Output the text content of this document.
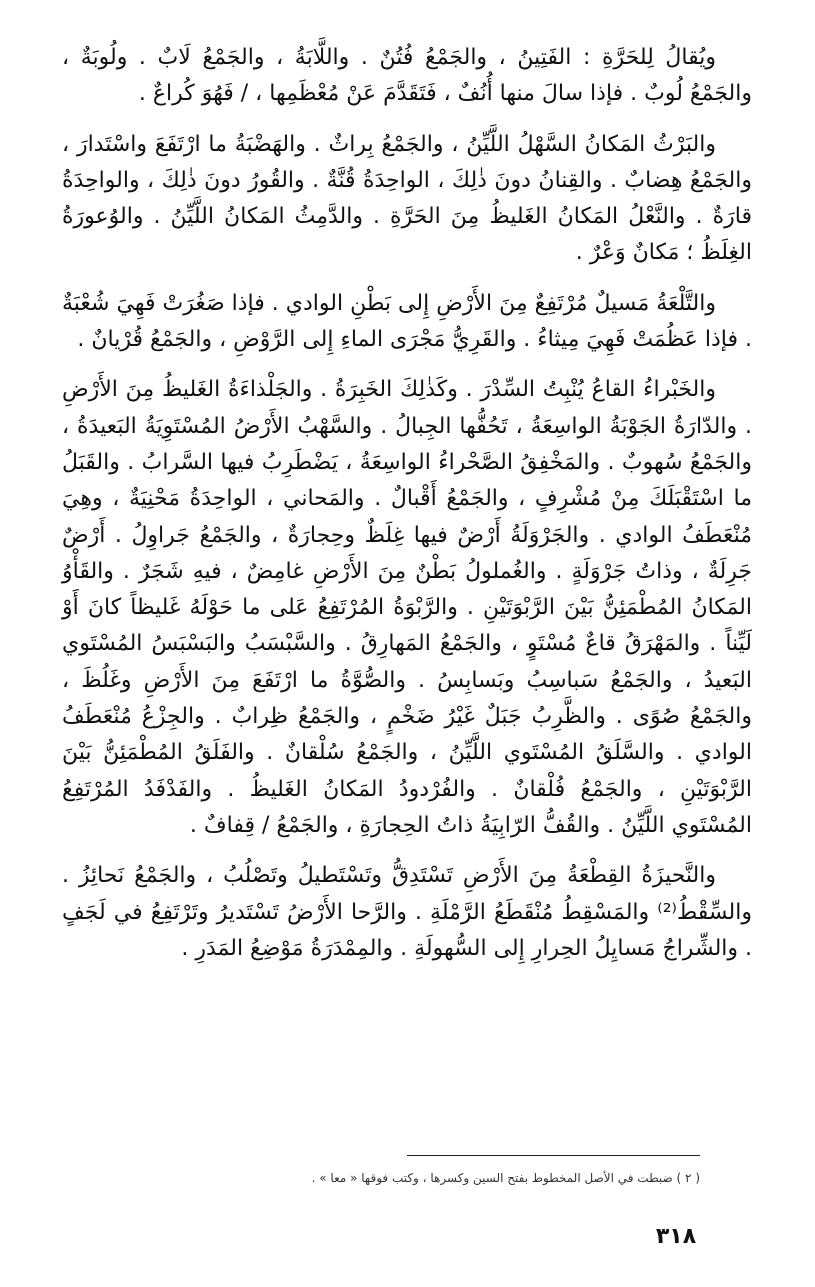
ويُقالُ لِلحَرَّةِ : الفَتِينُ ، والجَمْعُ فُتُنٌ . واللَّابَةُ ، والجَمْعُ لَابٌ . ولُوبَةٌ ، والجَمْعُ لُوبٌ . فإذا سالَ منها أُنُفٌ ، فَتَقَدَّمَ عَنْ مُعْظَمِها ، / فَهُوَ كُراعٌ .

والبَرْثُ المَكانُ السَّهْلُ اللَّيِّنُ ، والجَمْعُ بِراثٌ . والهَضْبَةُ ما ارْتَفَعَ واسْتَدارَ ، والجَمْعُ هِضابٌ . والقِنانُ دونَ ذٰلِكَ ، الواحِدَةُ قُنَّةٌ . والقُورُ دونَ ذٰلِكَ ، والواحِدَةُ قارَةٌ . والنَّعْلُ المَكانُ الغَليظُ مِنَ الحَرَّةِ . والدَّمِثُ المَكانُ اللَّيِّنُ . والوُعورَةُ الغِلَظُ ؛ مَكانٌ وَعْرٌ .

والتَّلْعَةُ مَسيلٌ مُرْتَفِعٌ مِنَ الأَرْضِ إِلى بَطْنِ الوادي . فإذا صَغُرَتْ فَهِيَ شُعْبَةٌ . فإذا عَظُمَتْ فَهِيَ مِيثاءُ . والقَرِيُّ مَجْرَى الماءِ إِلى الرَّوْضِ ، والجَمْعُ قُرْيانٌ .

والخَبْراءُ القاعُ يُنْبِتُ السِّدْرَ . وكَذٰلِكَ الخَبِرَةُ . والجَلْذاءَةُ الغَليظُ مِنَ الأَرْضِ . والدّارَةُ الجَوْبَةُ الواسِعَةُ ، تَحُفُّها الجِبالُ . والسَّهْبُ الأَرْضُ المُسْتَوِيَةُ البَعيدَةُ ، والجَمْعُ سُهوبٌ . والمَخْفِقُ الصَّحْراءُ الواسِعَةُ ، يَضْطَرِبُ فيها السَّرابُ . والقَبَلُ ما اسْتَقْبَلَكَ مِنْ مُشْرِفٍ ، والجَمْعُ أَقْبالٌ . والمَحاني ، الواحِدَةُ مَحْنِيَةٌ ، وهِيَ مُنْعَطَفُ الوادي . والجَرْوَلَةُ أَرْضٌ فيها غِلَظٌ وحِجارَةٌ ، والجَمْعُ جَراوِلُ . أَرْضٌ جَرِلَةٌ ، وذاتُ جَرْوَلَةٍ . والغُملولُ بَطْنٌ مِنَ الأَرْضِ غامِضٌ ، فيهِ شَجَرٌ . والقَأْوُ المَكانُ المُطْمَئِنُّ بَيْنَ الرَّبْوَتَيْنِ . والرَّبْوَةُ المُرْتَفِعُ عَلى ما حَوْلَهُ غَليظاً كانَ أَوْ لَيِّناً . والمَهْرَقُ قاعٌ مُسْتَوٍ ، والجَمْعُ المَهارِقُ . والسَّبْسَبُ والبَسْبَسُ المُسْتَوي البَعيدُ ، والجَمْعُ سَباسِبُ وبَسابِسُ . والصُّوَّةُ ما ارْتَفَعَ مِنَ الأَرْضِ وغَلُظَ ، والجَمْعُ صُوًى . والظَّرِبُ جَبَلٌ غَيْرُ ضَخْمٍ ، والجَمْعُ ظِرابٌ . والجِزْعُ مُنْعَطَفُ الوادي . والسَّلَقُ المُسْتَوي اللَّيِّنُ ، والجَمْعُ سُلْقانٌ . والفَلَقُ المُطْمَئِنُّ بَيْنَ الرَّبْوَتَيْنِ ، والجَمْعُ فُلْقانٌ . والفُرْدودُ المَكانُ الغَليظُ . والفَدْفَدُ المُرْتَفِعُ المُسْتَوي اللَّيِّنُ . والقُفُّ الرّابِيَةُ ذاتُ الحِجارَةِ ، والجَمْعُ / قِفافٌ .

والنَّحيزَةُ القِطْعَةُ مِنَ الأَرْضِ تَسْتَدِقُّ وتَسْتَطيلُ وتَصْلُبُ ، والجَمْعُ نَحائِزُ . والسِّقْطُ⁽²⁾ والمَسْقِطُ مُنْقَطَعُ الرَّمْلَةِ . والرَّحا الأَرْضُ تَسْتَديرُ وتَرْتَفِعُ في لَجَفٍ . والشِّراجُ مَسايِلُ الحِرارِ إِلى السُّهولَةِ . والمِمْدَرَةُ مَوْضِعُ المَدَرِ .

( ٢ ) ضبطت في الأصل المخطوط بفتح السين وكسرها ، وكتب فوقها « معا » .
٣١٨
